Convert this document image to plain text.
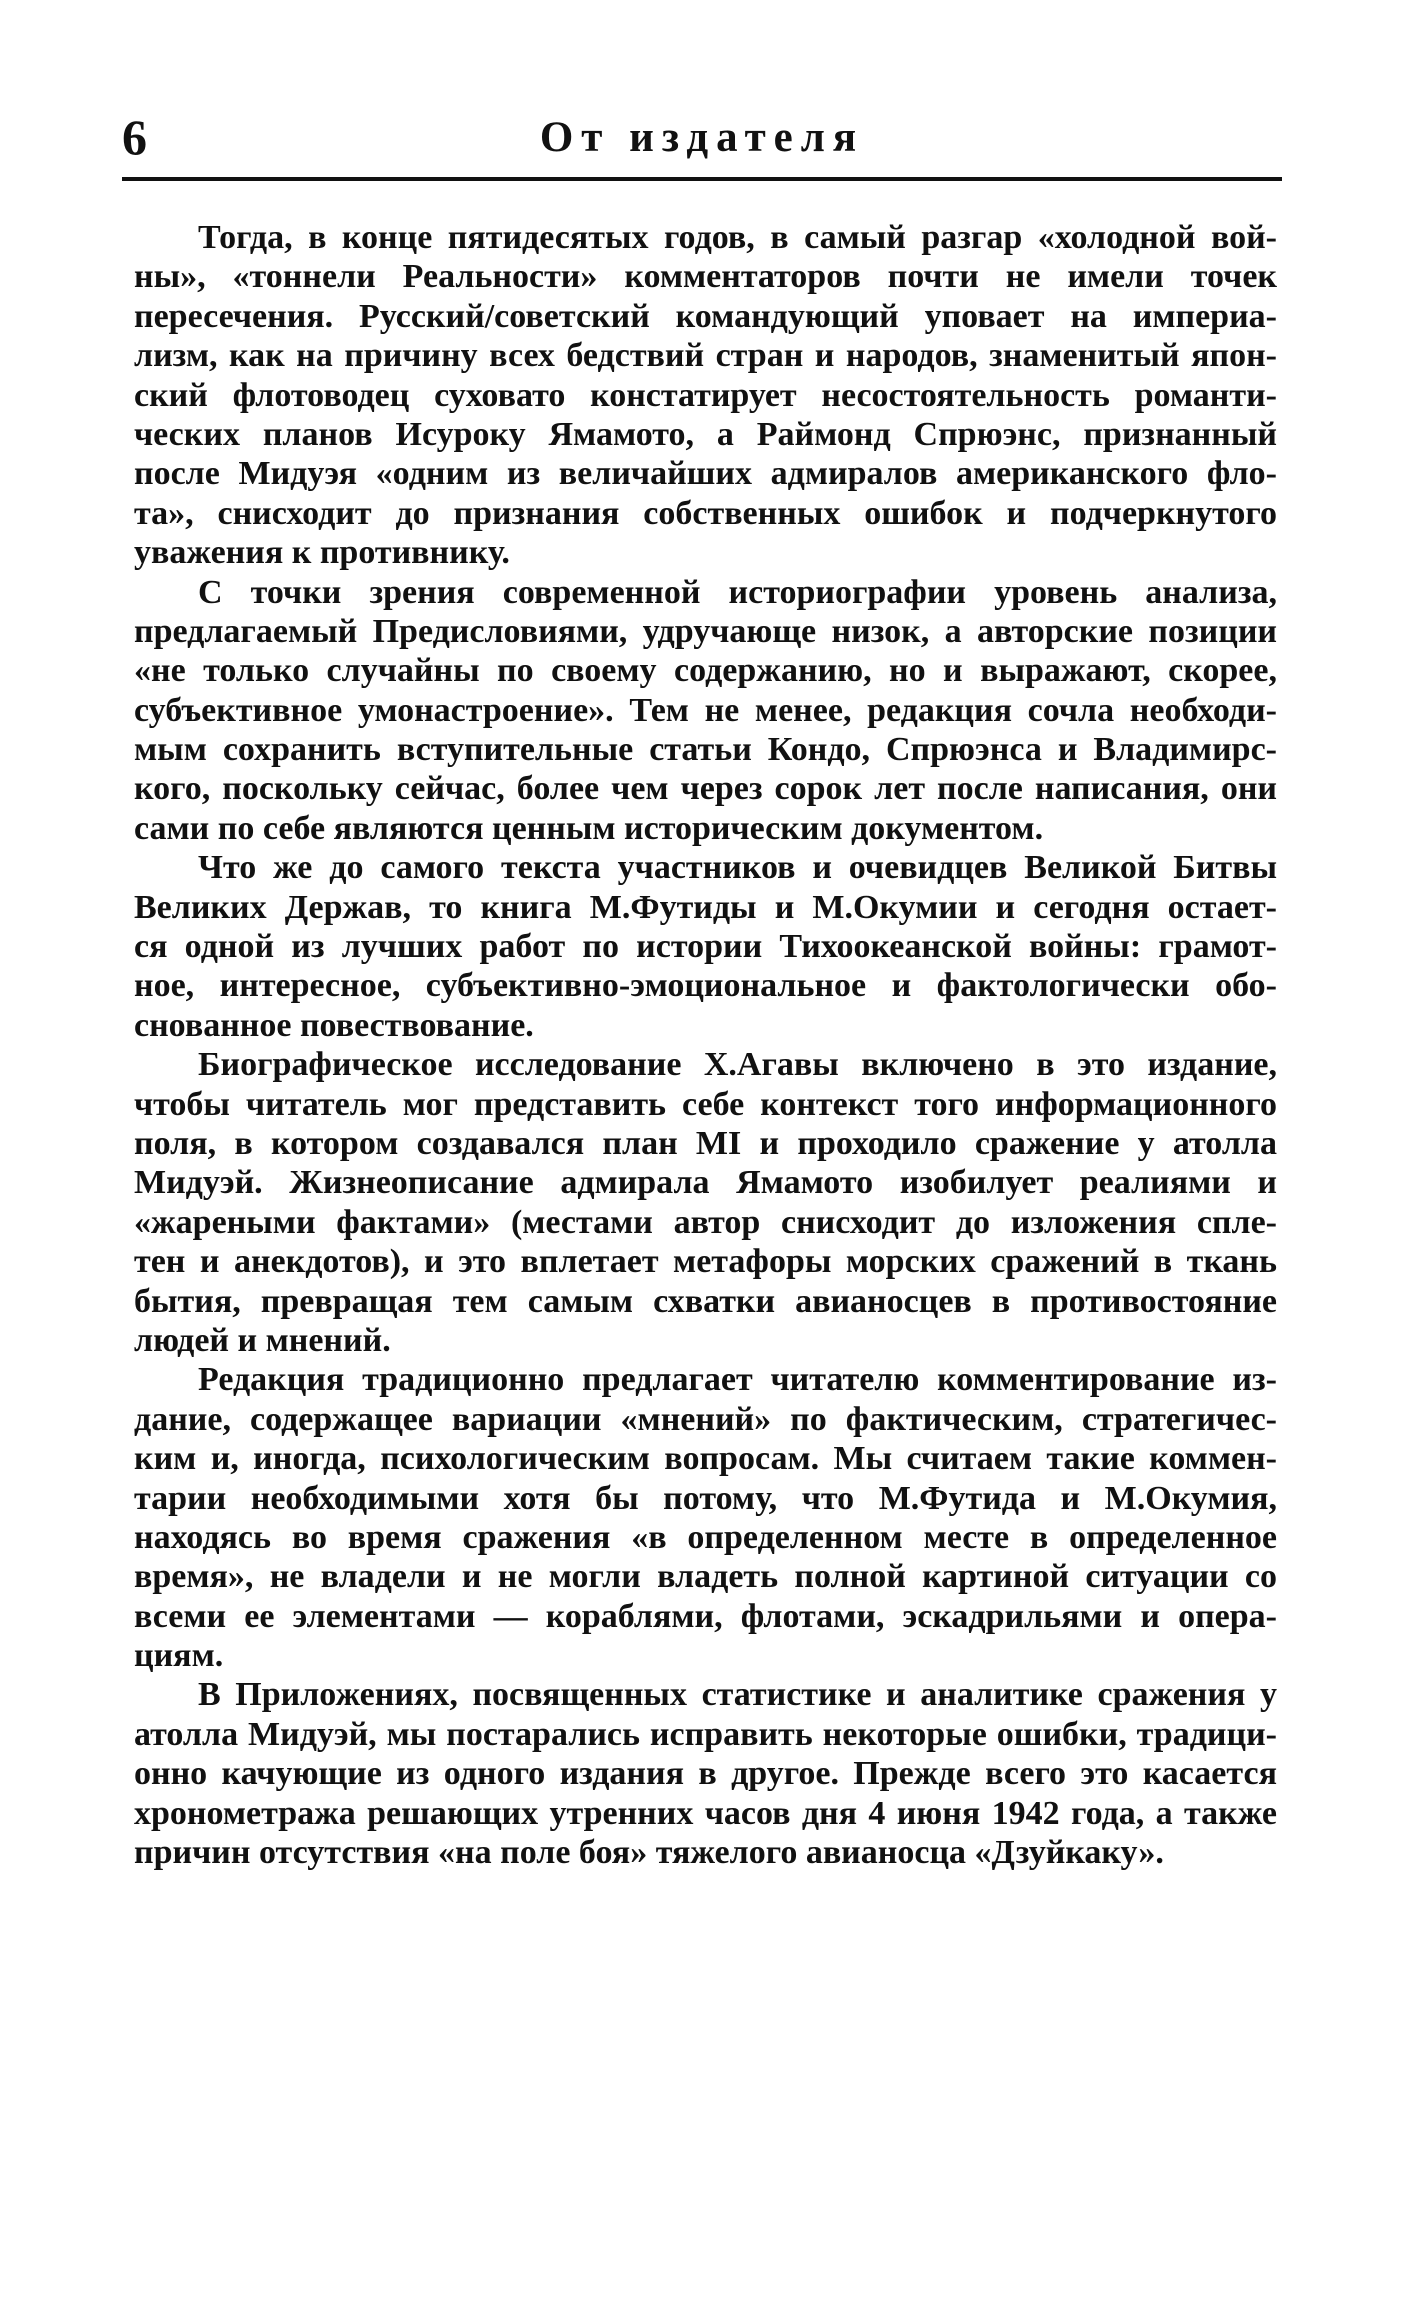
6	От издателя

Тогда, в конце пятидесятых годов, в самый разгар «холодной вой-
ны», «тоннели Реальности» комментаторов почти не имели точек
пересечения. Русский/советский командующий уповает на империа-
лизм, как на причину всех бедствий стран и народов, знаменитый япон-
ский флотоводец суховато констатирует несостоятельность романти-
ческих планов Исуроку Ямамото, а Раймонд Спрюэнс, признанный
после Мидуэя «одним из величайших адмиралов американского фло-
та», снисходит до признания собственных ошибок и подчеркнутого
уважения к противнику.

С точки зрения современной историографии уровень анализа,
предлагаемый Предисловиями, удручающе низок, а авторские позиции
«не только случайны по своему содержанию, но и выражают, скорее,
субъективное умонастроение». Тем не менее, редакция сочла необходи-
мым сохранить вступительные статьи Кондо, Спрюэнса и Владимирс-
кого, поскольку сейчас, более чем через сорок лет после написания, они
сами по себе являются ценным историческим документом.

Что же до самого текста участников и очевидцев Великой Битвы
Великих Держав, то книга М.Футиды и М.Окумии и сегодня остает-
ся одной из лучших работ по истории Тихоокеанской войны: грамот-
ное, интересное, субъективно-эмоциональное и фактологически обо-
снованное повествование.

Биографическое исследование Х.Агавы включено в это издание,
чтобы читатель мог представить себе контекст того информационного
поля, в котором создавался план MI и проходило сражение у атолла
Мидуэй. Жизнеописание адмирала Ямамото изобилует реалиями и
«жареными фактами» (местами автор снисходит до изложения спле-
тен и анекдотов), и это вплетает метафоры морских сражений в ткань
бытия, превращая тем самым схватки авианосцев в противостояние
людей и мнений.

Редакция традиционно предлагает читателю комментирование из-
дание, содержащее вариации «мнений» по фактическим, стратегичес-
ким и, иногда, психологическим вопросам. Мы считаем такие коммен-
тарии необходимыми хотя бы потому, что М.Футида и М.Окумия,
находясь во время сражения «в определенном месте в определенное
время», не владели и не могли владеть полной картиной ситуации со
всеми ее элементами — кораблями, флотами, эскадрильями и опера-
циям.

В Приложениях, посвященных статистике и аналитике сражения у
атолла Мидуэй, мы постарались исправить некоторые ошибки, традици-
онно качующие из одного издания в другое. Прежде всего это касается
хронометража решающих утренних часов дня 4 июня 1942 года, а также
причин отсутствия «на поле боя» тяжелого авианосца «Дзуйкаку».
